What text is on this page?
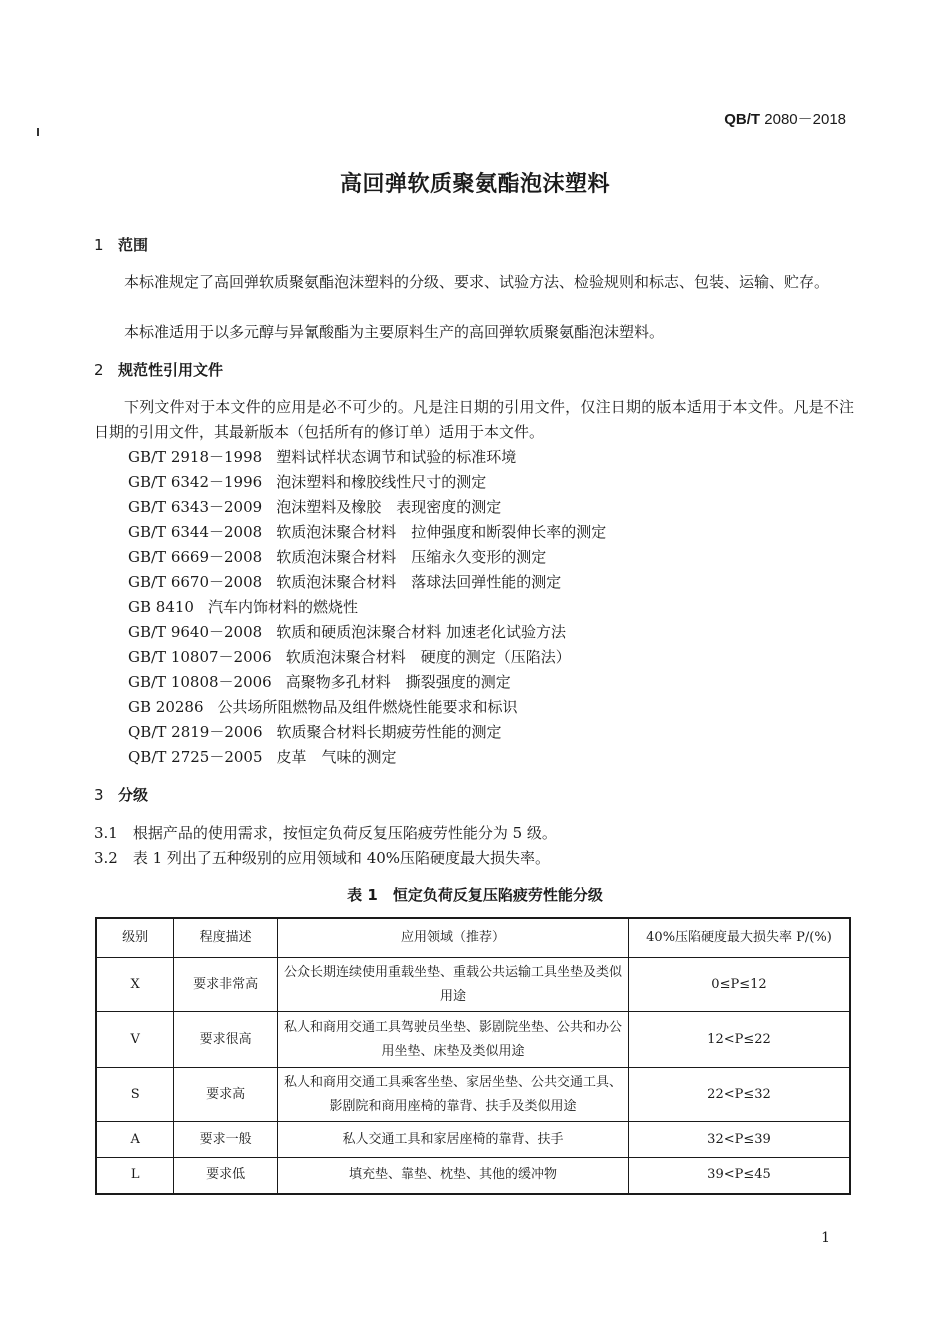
QB/T 2080－2018
高回弹软质聚氨酯泡沫塑料
1 范围
本标准规定了高回弹软质聚氨酯泡沫塑料的分级、要求、试验方法、检验规则和标志、包装、运输、贮存。
本标准适用于以多元醇与异氰酸酯为主要原料生产的高回弹软质聚氨酯泡沫塑料。
2 规范性引用文件
下列文件对于本文件的应用是必不可少的。凡是注日期的引用文件，仅注日期的版本适用于本文件。凡是不注日期的引用文件，其最新版本（包括所有的修订单）适用于本文件。
GB/T 2918－1998 塑料试样状态调节和试验的标准环境
GB/T 6342－1996 泡沫塑料和橡胶线性尺寸的测定
GB/T 6343－2009 泡沫塑料及橡胶　表现密度的测定
GB/T 6344－2008 软质泡沫聚合材料　拉伸强度和断裂伸长率的测定
GB/T 6669－2008 软质泡沫聚合材料　压缩永久变形的测定
GB/T 6670－2008 软质泡沫聚合材料　落球法回弹性能的测定
GB 8410 汽车内饰材料的燃烧性
GB/T 9640－2008 软质和硬质泡沫聚合材料 加速老化试验方法
GB/T 10807－2006 软质泡沫聚合材料　硬度的测定（压陷法）
GB/T 10808－2006 高聚物多孔材料　撕裂强度的测定
GB 20286 公共场所阻燃物品及组件燃烧性能要求和标识
QB/T 2819－2006 软质聚合材料长期疲劳性能的测定
QB/T 2725－2005 皮革　气味的测定
3 分级
3.1　根据产品的使用需求，按恒定负荷反复压陷疲劳性能分为 5 级。
3.2　表 1 列出了五种级别的应用领域和 40%压陷硬度最大损失率。
表 1　恒定负荷反复压陷疲劳性能分级
级别	程度描述	应用领域（推荐）	40%压陷硬度最大损失率 P/(%)
X	要求非常高	公众长期连续使用重载坐垫、重载公共运输工具坐垫及类似用途	0≤P≤12
V	要求很高	私人和商用交通工具驾驶员坐垫、影剧院坐垫、公共和办公用坐垫、床垫及类似用途	12<P≤22
S	要求高	私人和商用交通工具乘客坐垫、家居坐垫、公共交通工具、影剧院和商用座椅的靠背、扶手及类似用途	22<P≤32
A	要求一般	私人交通工具和家居座椅的靠背、扶手	32<P≤39
L	要求低	填充垫、靠垫、枕垫、其他的缓冲物	39<P≤45
1
